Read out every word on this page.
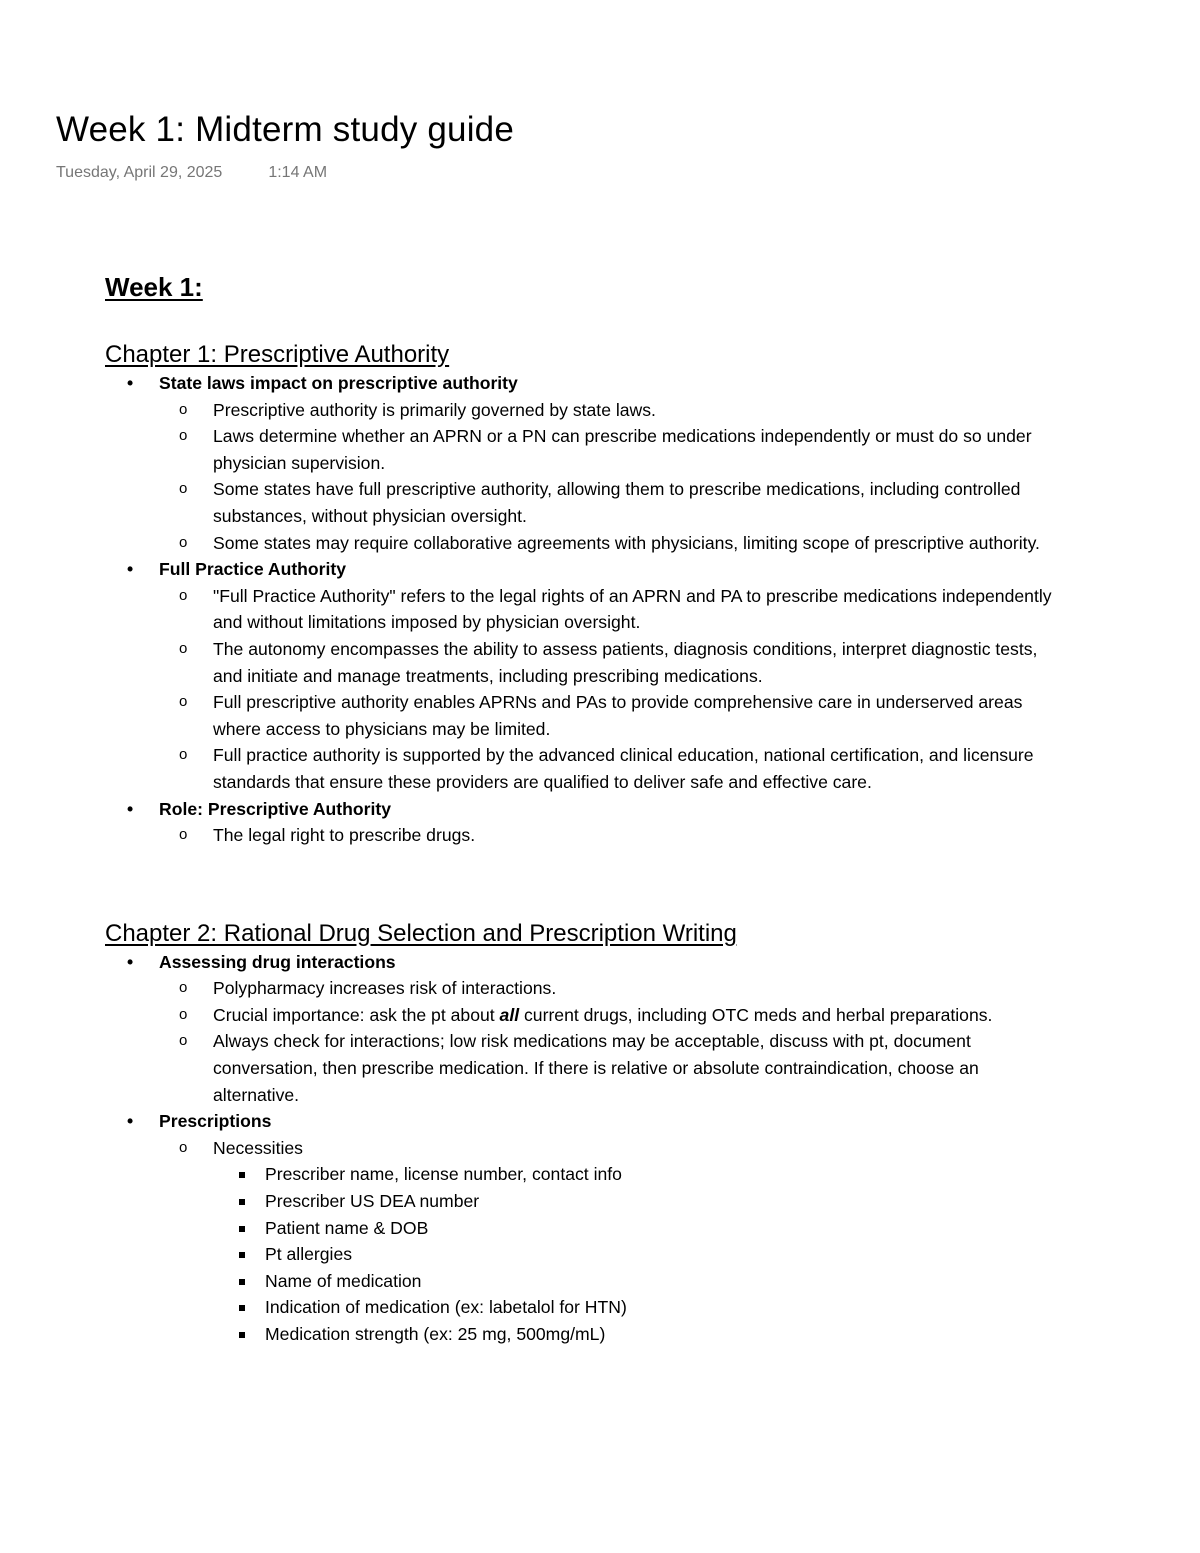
Week 1: Midterm study guide
Tuesday, April 29, 2025	1:14 AM
Week 1:
Chapter 1: Prescriptive Authority
• State laws impact on prescriptive authority
o Prescriptive authority is primarily governed by state laws.
o Laws determine whether an APRN or a PN can prescribe medications independently or must do so under physician supervision.
o Some states have full prescriptive authority, allowing them to prescribe medications, including controlled substances, without physician oversight.
o Some states may require collaborative agreements with physicians, limiting scope of prescriptive authority.
• Full Practice Authority
o "Full Practice Authority" refers to the legal rights of an APRN and PA to prescribe medications independently and without limitations imposed by physician oversight.
o The autonomy encompasses the ability to assess patients, diagnosis conditions, interpret diagnostic tests, and initiate and manage treatments, including prescribing medications.
o Full prescriptive authority enables APRNs and PAs to provide comprehensive care in underserved areas where access to physicians may be limited.
o Full practice authority is supported by the advanced clinical education, national certification, and licensure standards that ensure these providers are qualified to deliver safe and effective care.
• Role: Prescriptive Authority
o The legal right to prescribe drugs.
Chapter 2: Rational Drug Selection and Prescription Writing
• Assessing drug interactions
o Polypharmacy increases risk of interactions.
o Crucial importance: ask the pt about all current drugs, including OTC meds and herbal preparations.
o Always check for interactions; low risk medications may be acceptable, discuss with pt, document conversation, then prescribe medication. If there is relative or absolute contraindication, choose an alternative.
• Prescriptions
o Necessities
Prescriber name, license number, contact info
Prescriber US DEA number
Patient name & DOB
Pt allergies
Name of medication
Indication of medication (ex: labetalol for HTN)
Medication strength (ex: 25 mg, 500mg/mL)
